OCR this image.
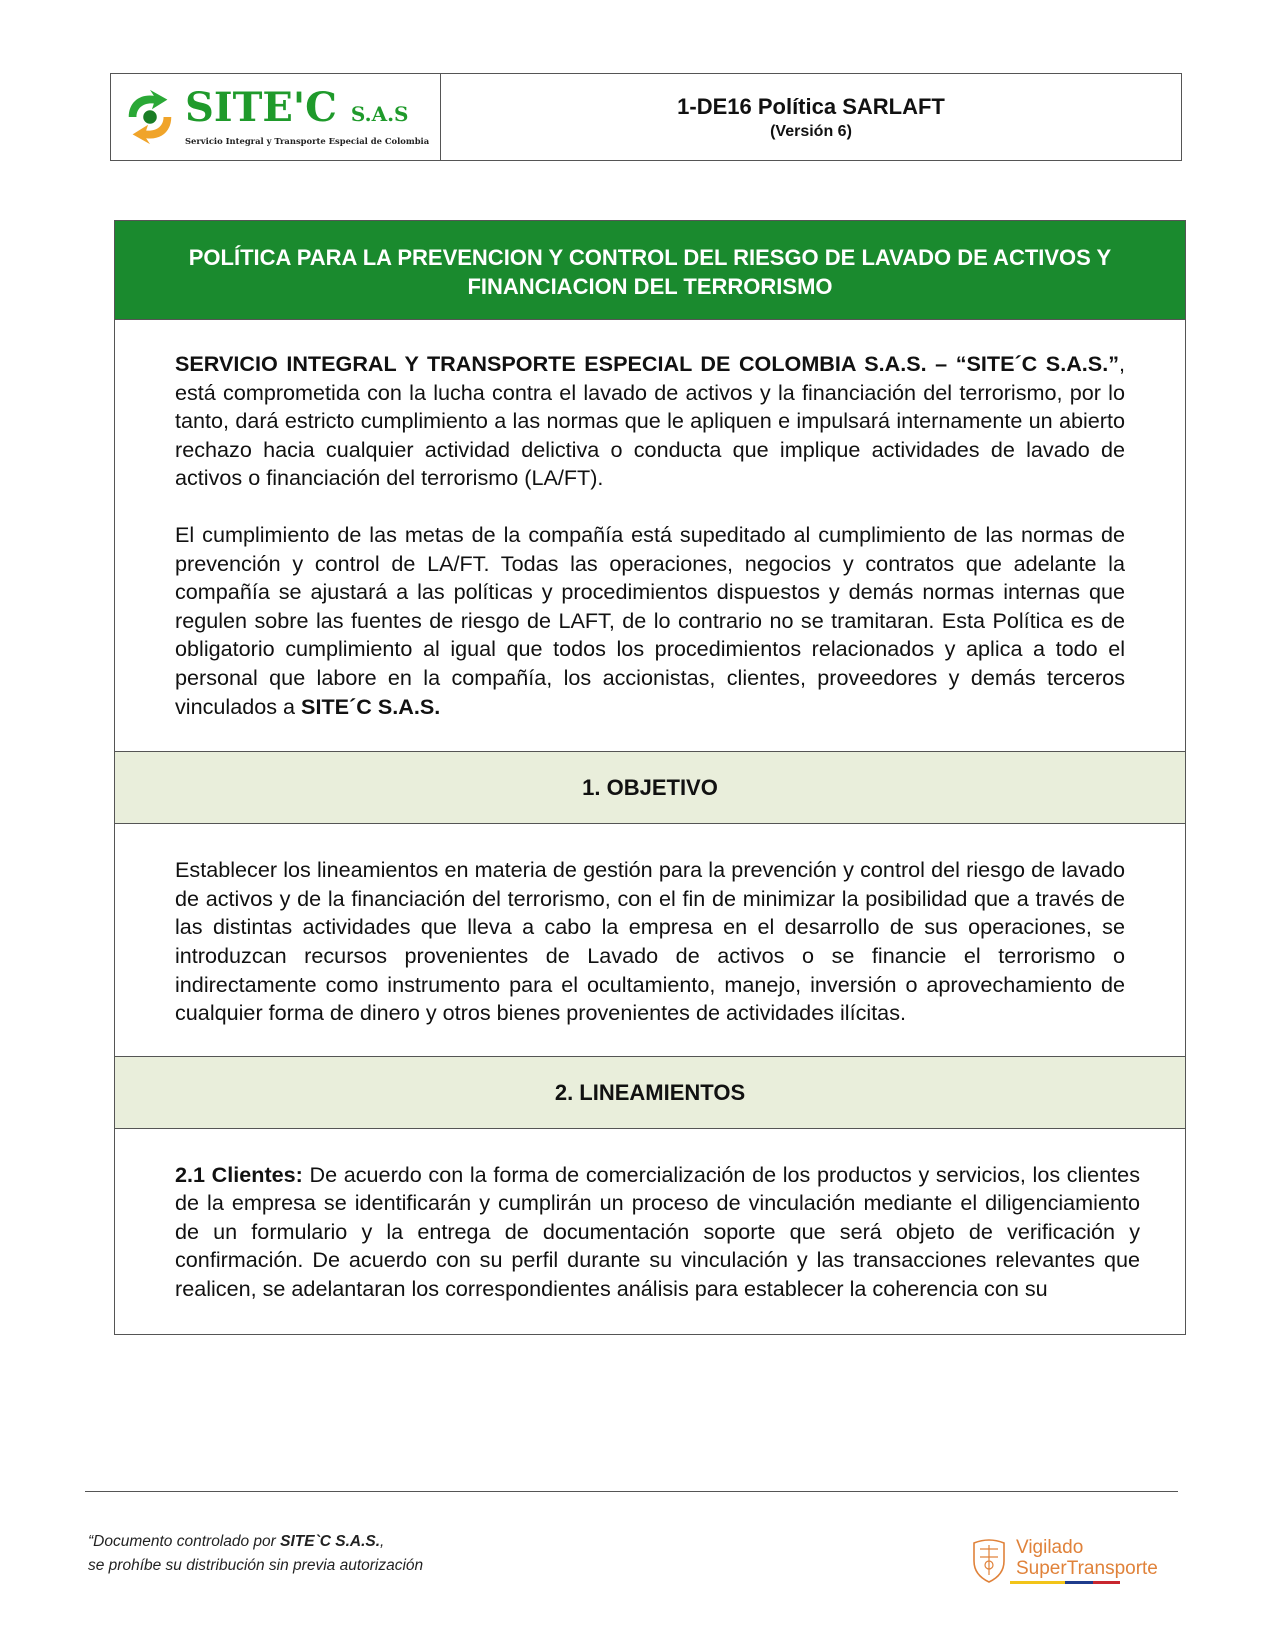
SITE'C S.A.S
Servicio Integral y Transporte Especial de Colombia
1-DE16 Política SARLAFT
(Versión 6)
POLÍTICA PARA LA PREVENCION Y CONTROL DEL RIESGO DE LAVADO DE ACTIVOS Y FINANCIACION DEL TERRORISMO

SERVICIO INTEGRAL Y TRANSPORTE ESPECIAL DE COLOMBIA S.A.S. – “SITE´C S.A.S.”, está comprometida con la lucha contra el lavado de activos y la financiación del terrorismo, por lo tanto, dará estricto cumplimiento a las normas que le apliquen e impulsará internamente un abierto rechazo hacia cualquier actividad delictiva o conducta que implique actividades de lavado de activos o financiación del terrorismo (LA/FT).

El cumplimiento de las metas de la compañía está supeditado al cumplimiento de las normas de prevención y control de LA/FT. Todas las operaciones, negocios y contratos que adelante la compañía se ajustará a las políticas y procedimientos dispuestos y demás normas internas que regulen sobre las fuentes de riesgo de LAFT, de lo contrario no se tramitaran. Esta Política es de obligatorio cumplimiento al igual que todos los procedimientos relacionados y aplica a todo el personal que labore en la compañía, los accionistas, clientes, proveedores y demás terceros vinculados a SITE´C S.A.S.

1. OBJETIVO

Establecer los lineamientos en materia de gestión para la prevención y control del riesgo de lavado de activos y de la financiación del terrorismo, con el fin de minimizar la posibilidad que a través de las distintas actividades que lleva a cabo la empresa en el desarrollo de sus operaciones, se introduzcan recursos provenientes de Lavado de activos o se financie el terrorismo o indirectamente como instrumento para el ocultamiento, manejo, inversión o aprovechamiento de cualquier forma de dinero y otros bienes provenientes de actividades ilícitas.

2. LINEAMIENTOS

2.1 Clientes: De acuerdo con la forma de comercialización de los productos y servicios, los clientes de la empresa se identificarán y cumplirán un proceso de vinculación mediante el diligenciamiento de un formulario y la entrega de documentación soporte que será objeto de verificación y confirmación. De acuerdo con su perfil durante su vinculación y las transacciones relevantes que realicen, se adelantaran los correspondientes análisis para establecer la coherencia con su

“Documento controlado por SITE`C S.A.S.,
se prohíbe su distribución sin previa autorización
Vigilado
SuperTransporte
